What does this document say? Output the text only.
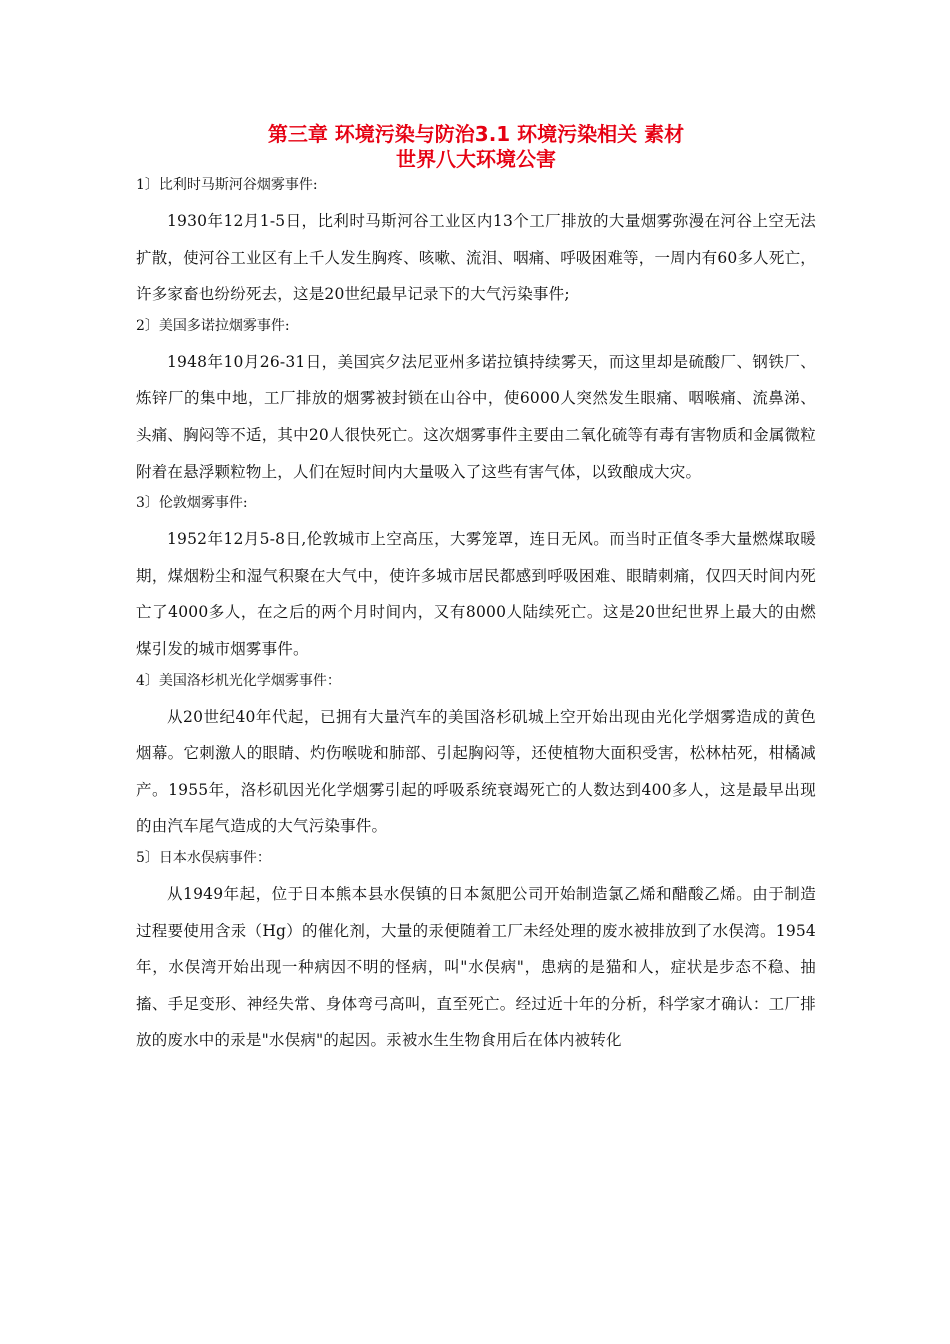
第三章 环境污染与防治3.1 环境污染相关 素材
世界八大环境公害
1〕比利时马斯河谷烟雾事件:

1930年12月1-5日，比利时马斯河谷工业区内13个工厂排放的大量烟雾弥漫在河谷上空无法扩散，使河谷工业区有上千人发生胸疼、咳嗽、流泪、咽痛、呼吸困难等，一周内有60多人死亡，许多家畜也纷纷死去，这是20世纪最早记录下的大气污染事件;

2〕美国多诺拉烟雾事件:

1948年10月26-31日，美国宾夕法尼亚州多诺拉镇持续雾天，而这里却是硫酸厂、钢铁厂、炼锌厂的集中地，工厂排放的烟雾被封锁在山谷中，使6000人突然发生眼痛、咽喉痛、流鼻涕、头痛、胸闷等不适，其中20人很快死亡。这次烟雾事件主要由二氧化硫等有毒有害物质和金属微粒附着在悬浮颗粒物上，人们在短时间内大量吸入了这些有害气体，以致酿成大灾。

3〕伦敦烟雾事件:

1952年12月5-8日,伦敦城市上空高压，大雾笼罩，连日无风。而当时正值冬季大量燃煤取暖期，煤烟粉尘和湿气积聚在大气中，使许多城市居民都感到呼吸困难、眼睛刺痛，仅四天时间内死亡了4000多人，在之后的两个月时间内，又有8000人陆续死亡。这是20世纪世界上最大的由燃煤引发的城市烟雾事件。

4〕美国洛杉机光化学烟雾事件：

从20世纪40年代起，已拥有大量汽车的美国洛杉矶城上空开始出现由光化学烟雾造成的黄色烟幕。它刺激人的眼睛、灼伤喉咙和肺部、引起胸闷等，还使植物大面积受害，松林枯死，柑橘减产。1955年，洛杉矶因光化学烟雾引起的呼吸系统衰竭死亡的人数达到400多人，这是最早出现的由汽车尾气造成的大气污染事件。

5〕日本水俣病事件：

从1949年起，位于日本熊本县水俣镇的日本氮肥公司开始制造氯乙烯和醋酸乙烯。由于制造过程要使用含汞（Hg）的催化剂，大量的汞便随着工厂未经处理的废水被排放到了水俣湾。1954年，水俣湾开始出现一种病因不明的怪病，叫"水俣病"，患病的是猫和人，症状是步态不稳、抽搐、手足变形、神经失常、身体弯弓高叫，直至死亡。经过近十年的分析，科学家才确认：工厂排放的废水中的汞是"水俣病"的起因。汞被水生生物食用后在体内被转化
